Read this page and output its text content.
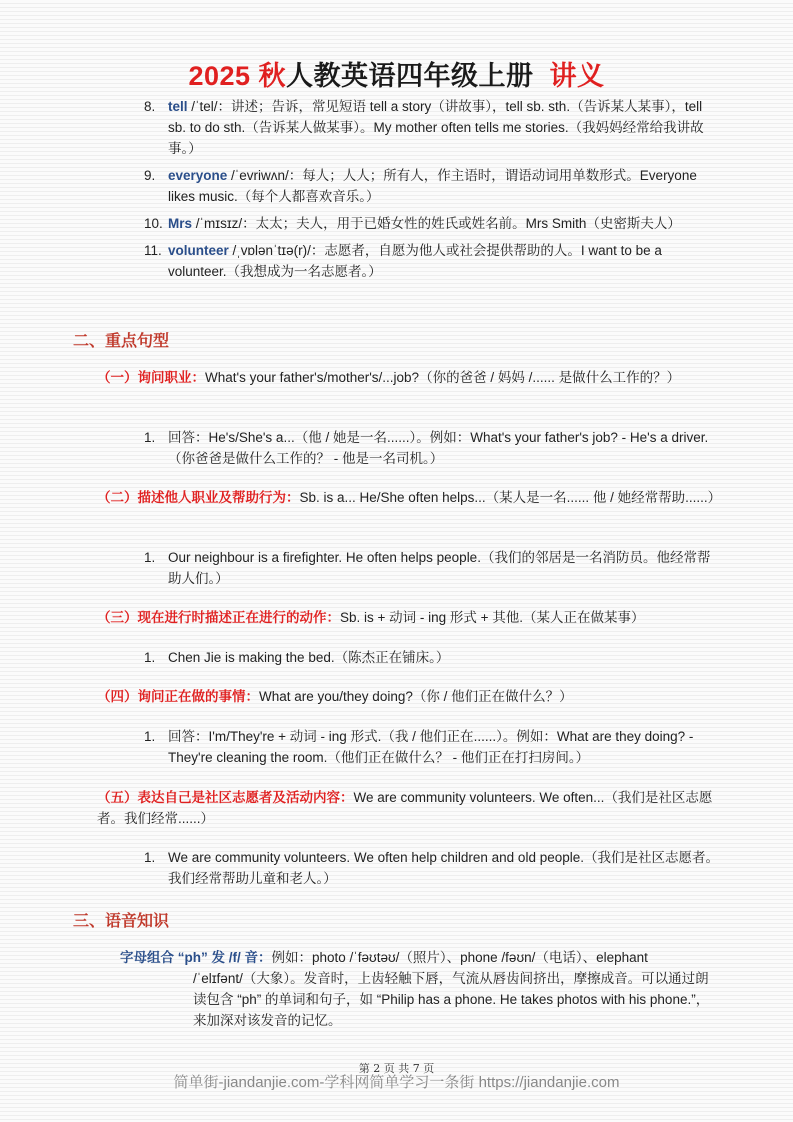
2025 秋人教英语四年级上册 讲义
8. tell /ˈtel/：讲述；告诉，常见短语 tell a story（讲故事），tell sb. sth.（告诉某人某事），tell sb. to do sth.（告诉某人做某事）。My mother often tells me stories.（我妈妈经常给我讲故事。）
9. everyone /ˈevriwʌn/：每人；人人；所有人，作主语时，谓语动词用单数形式。Everyone likes music.（每个人都喜欢音乐。）
10. Mrs /ˈmɪsɪz/：太太；夫人，用于已婚女性的姓氏或姓名前。Mrs Smith（史密斯夫人）
11. volunteer /ˌvɒlənˈtɪə(r)/：志愿者，自愿为他人或社会提供帮助的人。I want to be a volunteer.（我想成为一名志愿者。）
二、重点句型
（一）询问职业：What's your father's/mother's/...job?（你的爸爸 / 妈妈 /...... 是做什么工作的？）
1. 回答：He's/She's a...（他 / 她是一名......）。例如：What's your father's job? - He's a driver.（你爸爸是做什么工作的？ - 他是一名司机。）
（二）描述他人职业及帮助行为：Sb. is a... He/She often helps...（某人是一名...... 他 / 她经常帮助......）
1. Our neighbour is a firefighter. He often helps people.（我们的邻居是一名消防员。他经常帮助人们。）
（三）现在进行时描述正在进行的动作：Sb. is + 动词 - ing 形式 + 其他.（某人正在做某事）
1. Chen Jie is making the bed.（陈杰正在铺床。）
（四）询问正在做的事情：What are you/they doing?（你 / 他们正在做什么？）
1. 回答：I'm/They're + 动词 - ing 形式.（我 / 他们正在......）。例如：What are they doing? - They're cleaning the room.（他们正在做什么？ - 他们正在打扫房间。）
（五）表达自己是社区志愿者及活动内容：We are community volunteers. We often...（我们是社区志愿者。我们经常......）
1. We are community volunteers. We often help children and old people.（我们是社区志愿者。我们经常帮助儿童和老人。）
三、语音知识
字母组合 “ph” 发 /f/ 音：例如：photo /ˈfəʊtəʊ/（照片）、phone /fəʊn/（电话）、elephant
/ˈelɪfənt/（大象）。发音时，上齿轻触下唇，气流从唇齿间挤出，摩擦成音。可以通过朗读包含 “ph” 的单词和句子，如 “Philip has a phone. He takes photos with his phone.”，来加深对该发音的记忆。
第 2 页 共 7 页
简单街-jiandanjie.com-学科网简单学习一条街 https://jiandanjie.com
